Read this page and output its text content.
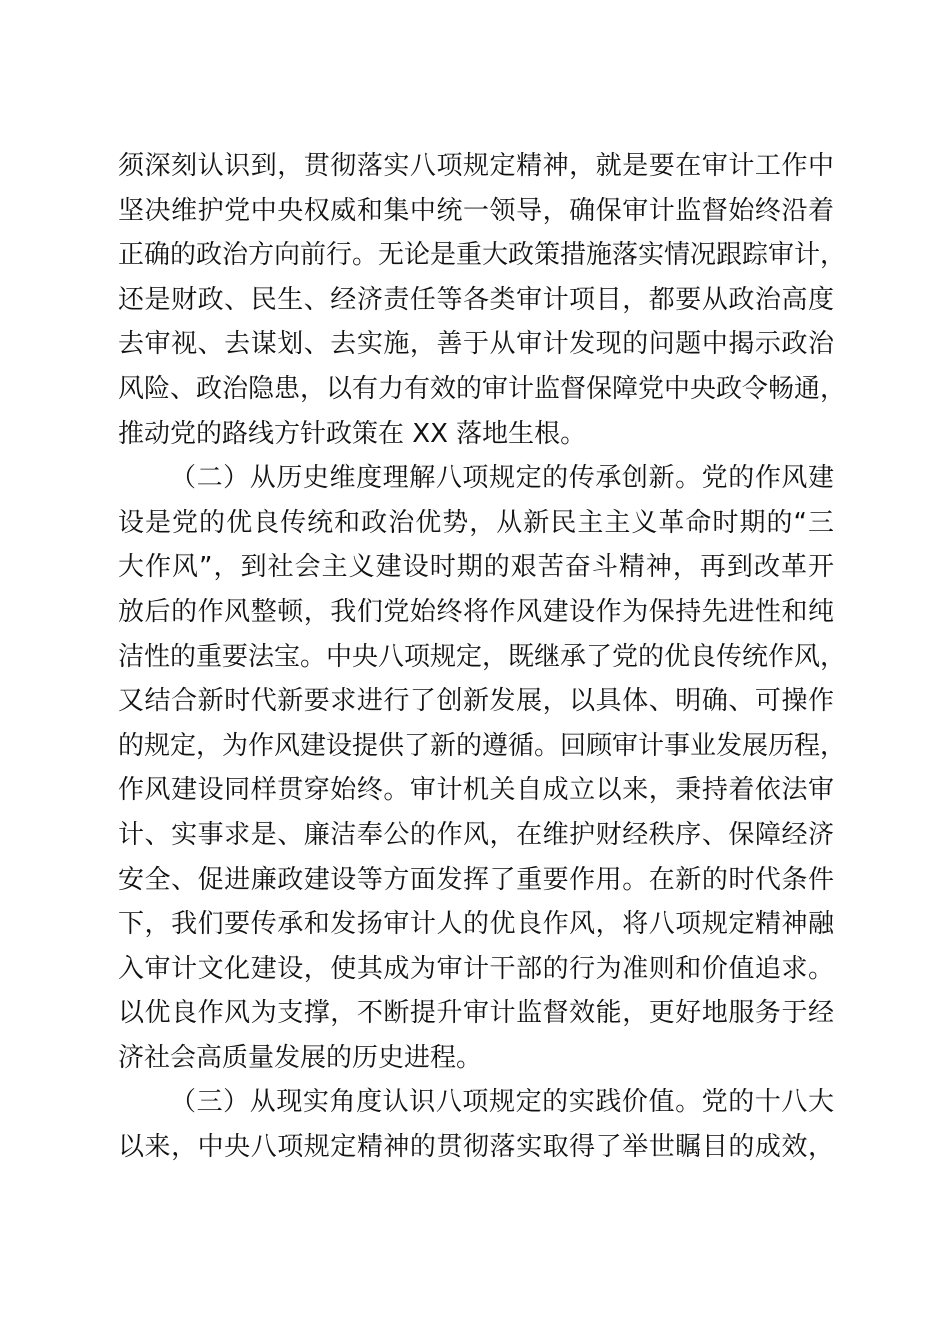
须深刻认识到，贯彻落实八项规定精神，就是要在审计工作中
坚决维护党中央权威和集中统一领导，确保审计监督始终沿着
正确的政治方向前行。无论是重大政策措施落实情况跟踪审计，
还是财政、民生、经济责任等各类审计项目，都要从政治高度
去审视、去谋划、去实施，善于从审计发现的问题中揭示政治
风险、政治隐患，以有力有效的审计监督保障党中央政令畅通，
推动党的路线方针政策在 XX 落地生根。
（二）从历史维度理解八项规定的传承创新。党的作风建
设是党的优良传统和政治优势，从新民主主义革命时期的“三
大作风”，到社会主义建设时期的艰苦奋斗精神，再到改革开
放后的作风整顿，我们党始终将作风建设作为保持先进性和纯
洁性的重要法宝。中央八项规定，既继承了党的优良传统作风，
又结合新时代新要求进行了创新发展，以具体、明确、可操作
的规定，为作风建设提供了新的遵循。回顾审计事业发展历程，
作风建设同样贯穿始终。审计机关自成立以来，秉持着依法审
计、实事求是、廉洁奉公的作风，在维护财经秩序、保障经济
安全、促进廉政建设等方面发挥了重要作用。在新的时代条件
下，我们要传承和发扬审计人的优良作风，将八项规定精神融
入审计文化建设，使其成为审计干部的行为准则和价值追求。
以优良作风为支撑，不断提升审计监督效能，更好地服务于经
济社会高质量发展的历史进程。
（三）从现实角度认识八项规定的实践价值。党的十八大
以来，中央八项规定精神的贯彻落实取得了举世瞩目的成效，
